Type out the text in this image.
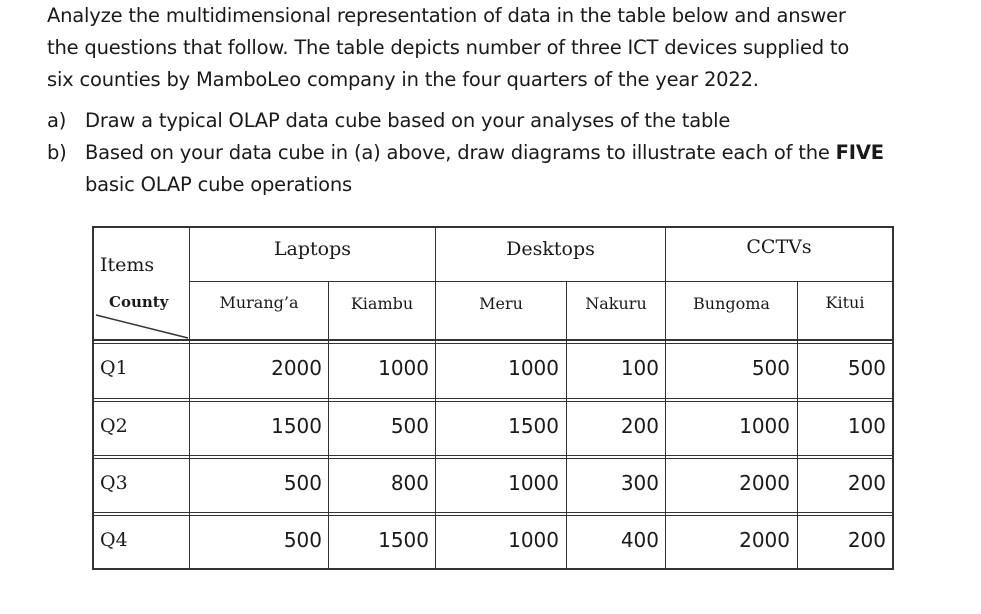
Analyze the multidimensional representation of data in the table below and answer
the questions that follow. The table depicts number of three ICT devices supplied to
six counties by MamboLeo company in the four quarters of the year 2022.
a) Draw a typical OLAP data cube based on your analyses of the table
b) Based on your data cube in (a) above, draw diagrams to illustrate each of the FIVE
basic OLAP cube operations
Items
County
Laptops	Desktops	CCTVs
Murang’a	Kiambu	Meru	Nakuru	Bungoma	Kitui
Q1	2000	1000	1000	100	500	500
Q2	1500	500	1500	200	1000	100
Q3	500	800	1000	300	2000	200
Q4	500	1500	1000	400	2000	200
